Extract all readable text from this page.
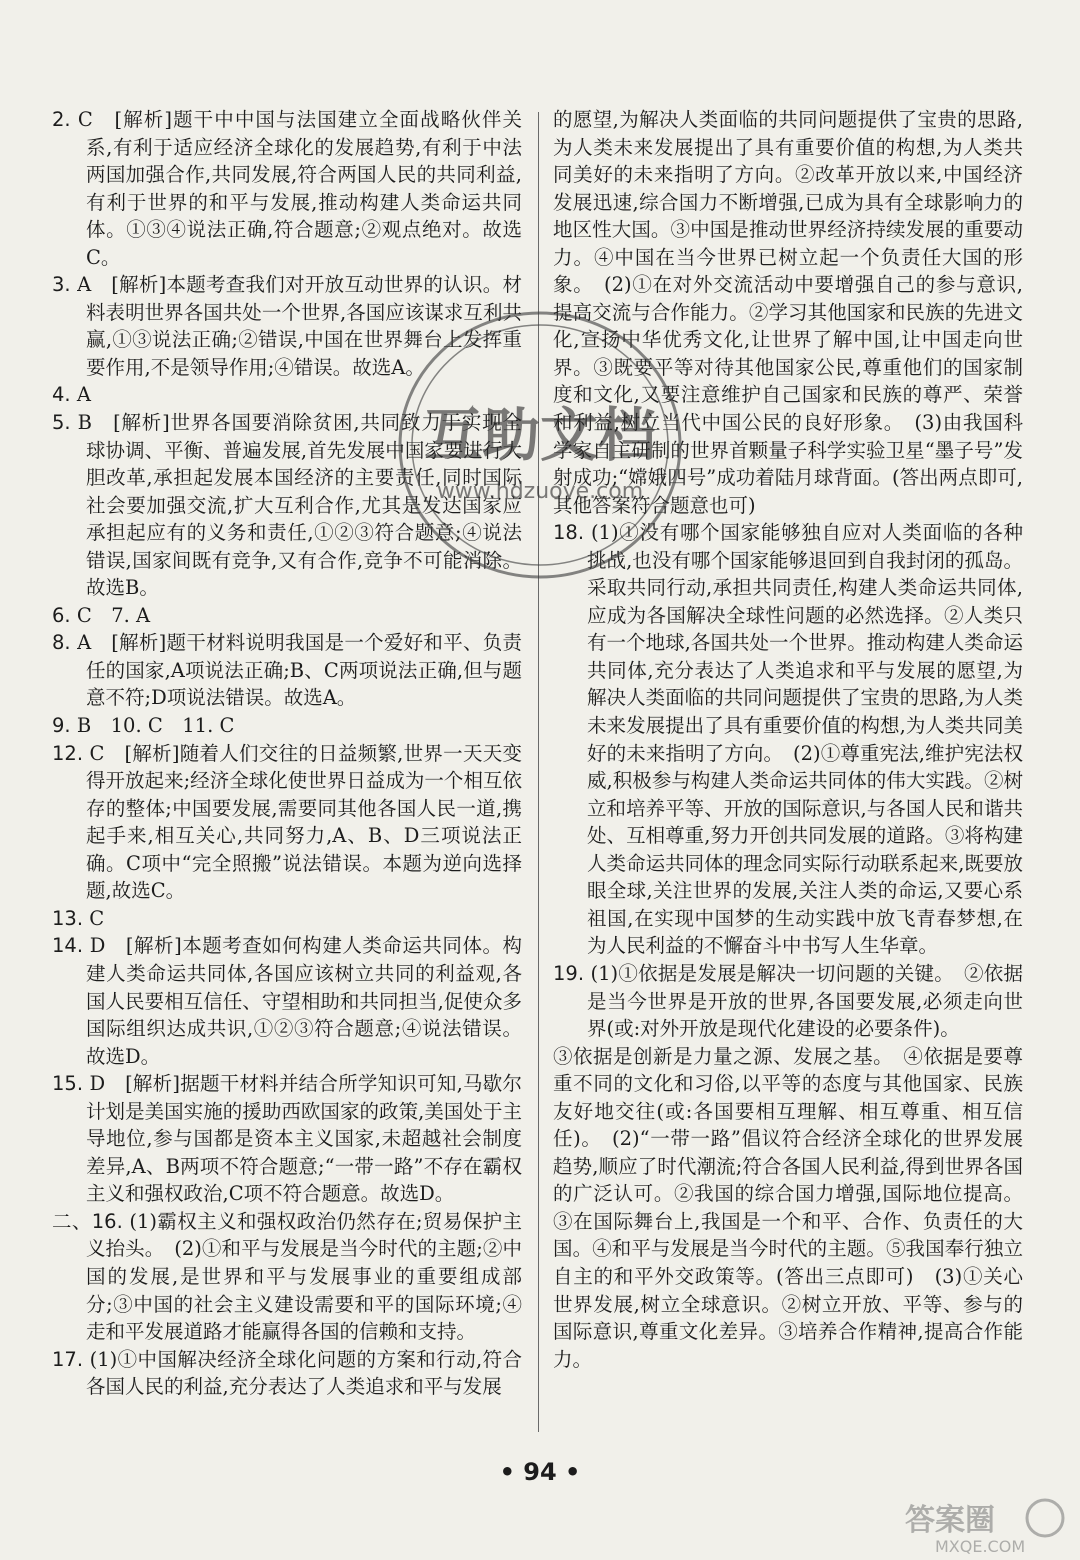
2. C　[解析]题干中中国与法国建立全面战略伙伴关系,有利于适应经济全球化的发展趋势,有利于中法两国加强合作,共同发展,符合两国人民的共同利益,有利于世界的和平与发展,推动构建人类命运共同体。①③④说法正确,符合题意;②观点绝对。故选C。

3. A　[解析]本题考查我们对开放互动世界的认识。材料表明世界各国共处一个世界,各国应该谋求互利共赢,①③说法正确;②错误,中国在世界舞台上发挥重要作用,不是领导作用;④错误。故选A。

4. A

5. B　[解析]世界各国要消除贫困,共同致力于实现全球协调、平衡、普遍发展,首先发展中国家要进行大胆改革,承担起发展本国经济的主要责任,同时国际社会要加强交流,扩大互利合作,尤其是发达国家应承担起应有的义务和责任,①②③符合题意;④说法错误,国家间既有竞争,又有合作,竞争不可能消除。故选B。

6. C　7. A

8. A　[解析]题干材料说明我国是一个爱好和平、负责任的国家,A项说法正确;B、C两项说法正确,但与题意不符;D项说法错误。故选A。

9. B　10. C　11. C

12. C　[解析]随着人们交往的日益频繁,世界一天天变得开放起来;经济全球化使世界日益成为一个相互依存的整体;中国要发展,需要同其他各国人民一道,携起手来,相互关心,共同努力,A、B、D三项说法正确。C项中“完全照搬”说法错误。本题为逆向选择题,故选C。

13. C

14. D　[解析]本题考查如何构建人类命运共同体。构建人类命运共同体,各国应该树立共同的利益观,各国人民要相互信任、守望相助和共同担当,促使众多国际组织达成共识,①②③符合题意;④说法错误。故选D。

15. D　[解析]据题干材料并结合所学知识可知,马歇尔计划是美国实施的援助西欧国家的政策,美国处于主导地位,参与国都是资本主义国家,未超越社会制度差异,A、B两项不符合题意;“一带一路”不存在霸权主义和强权政治,C项不符合题意。故选D。

二、16. (1)霸权主义和强权政治仍然存在;贸易保护主义抬头。　(2)①和平与发展是当今时代的主题;②中国的发展,是世界和平与发展事业的重要组成部分;③中国的社会主义建设需要和平的国际环境;④走和平发展道路才能赢得各国的信赖和支持。

17. (1)①中国解决经济全球化问题的方案和行动,符合各国人民的利益,充分表达了人类追求和平与发展

的愿望,为解决人类面临的共同问题提供了宝贵的思路,为人类未来发展提出了具有重要价值的构想,为人类共同美好的未来指明了方向。②改革开放以来,中国经济发展迅速,综合国力不断增强,已成为具有全球影响力的地区性大国。③中国是推动世界经济持续发展的重要动力。④中国在当今世界已树立起一个负责任大国的形象。　(2)①在对外交流活动中要增强自己的参与意识,提高交流与合作能力。②学习其他国家和民族的先进文化,宣扬中华优秀文化,让世界了解中国,让中国走向世界。③既要平等对待其他国家公民,尊重他们的国家制度和文化,又要注意维护自己国家和民族的尊严、荣誉和利益,树立当代中国公民的良好形象。　(3)由我国科学家自主研制的世界首颗量子科学实验卫星“墨子号”发射成功;“嫦娥四号”成功着陆月球背面。(答出两点即可,其他答案符合题意也可)

18. (1)①没有哪个国家能够独自应对人类面临的各种挑战,也没有哪个国家能够退回到自我封闭的孤岛。采取共同行动,承担共同责任,构建人类命运共同体,应成为各国解决全球性问题的必然选择。②人类只有一个地球,各国共处一个世界。推动构建人类命运共同体,充分表达了人类追求和平与发展的愿望,为解决人类面临的共同问题提供了宝贵的思路,为人类未来发展提出了具有重要价值的构想,为人类共同美好的未来指明了方向。　(2)①尊重宪法,维护宪法权威,积极参与构建人类命运共同体的伟大实践。②树立和培养平等、开放的国际意识,与各国人民和谐共处、互相尊重,努力开创共同发展的道路。③将构建人类命运共同体的理念同实际行动联系起来,既要放眼全球,关注世界的发展,关注人类的命运,又要心系祖国,在实现中国梦的生动实践中放飞青春梦想,在为人民利益的不懈奋斗中书写人生华章。

19. (1)①依据是发展是解决一切问题的关键。　②依据是当今世界是开放的世界,各国要发展,必须走向世界(或:对外开放是现代化建设的必要条件)。

③依据是创新是力量之源、发展之基。　④依据是要尊重不同的文化和习俗,以平等的态度与其他国家、民族友好地交往(或:各国要相互理解、相互尊重、相互信任)。　(2)“一带一路”倡议符合经济全球化的世界发展趋势,顺应了时代潮流;符合各国人民利益,得到世界各国的广泛认可。②我国的综合国力增强,国际地位提高。③在国际舞台上,我国是一个和平、合作、负责任的大国。④和平与发展是当今时代的主题。⑤我国奉行独立自主的和平外交政策等。(答出三点即可)　(3)①关心世界发展,树立全球意识。②树立开放、平等、参与的国际意识,尊重文化差异。③培养合作精神,提高合作能力。

互助文档
www.hdzuoye.com
答案圈
MXQE.COM
• 94 •
